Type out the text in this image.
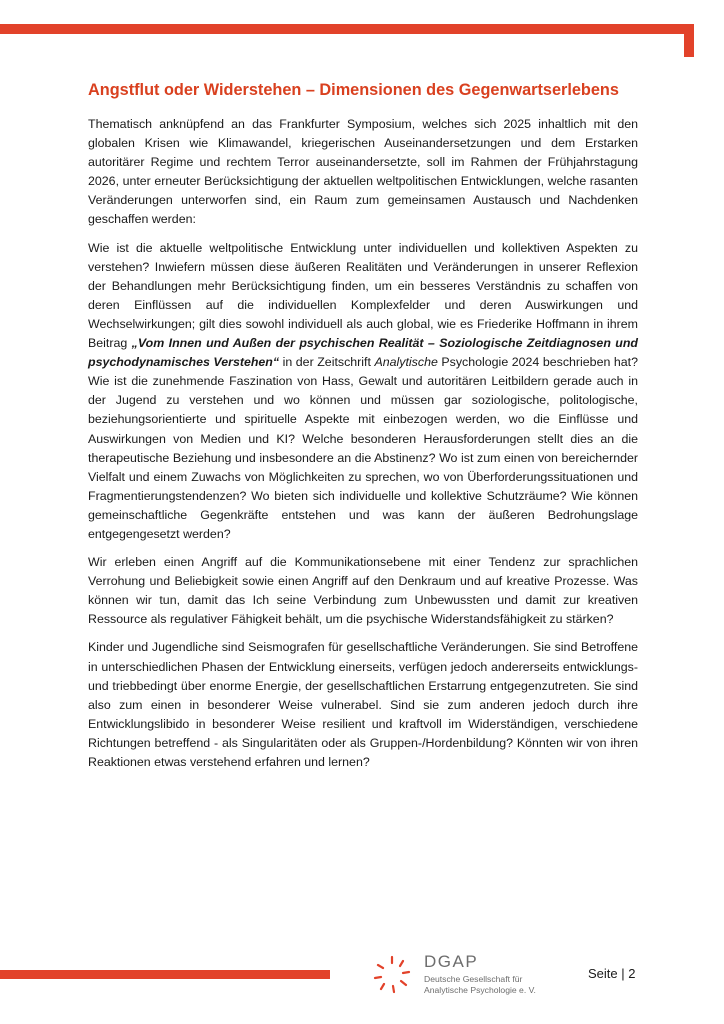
Angstflut oder Widerstehen – Dimensionen des Gegenwartserlebens

Thematisch anknüpfend an das Frankfurter Symposium, welches sich 2025 inhaltlich mit den globalen Krisen wie Klimawandel, kriegerischen Auseinandersetzungen und dem Erstarken autoritärer Regime und rechtem Terror auseinandersetzte, soll im Rahmen der Frühjahrstagung 2026, unter erneuter Berücksichtigung der aktuellen weltpolitischen Entwicklungen, welche rasanten Veränderungen unterworfen sind, ein Raum zum gemeinsamen Austausch und Nachdenken geschaffen werden:

Wie ist die aktuelle weltpolitische Entwicklung unter individuellen und kollektiven Aspekten zu verstehen? Inwiefern müssen diese äußeren Realitäten und Veränderungen in unserer Reflexion der Behandlungen mehr Berücksichtigung finden, um ein besseres Verständnis zu schaffen von deren Einflüssen auf die individuellen Komplexfelder und deren Auswirkungen und Wechselwirkungen; gilt dies sowohl individuell als auch global, wie es Friederike Hoffmann in ihrem Beitrag „Vom Innen und Außen der psychischen Realität – Soziologische Zeitdiagnosen und psychodynamisches Verstehen“ in der Zeitschrift Analytische Psychologie 2024 beschrieben hat? Wie ist die zunehmende Faszination von Hass, Gewalt und autoritären Leitbildern gerade auch in der Jugend zu verstehen und wo können und müssen gar soziologische, politologische, beziehungsorientierte und spirituelle Aspekte mit einbezogen werden, wo die Einflüsse und Auswirkungen von Medien und KI? Welche besonderen Herausforderungen stellt dies an die therapeutische Beziehung und insbesondere an die Abstinenz? Wo ist zum einen von bereichernder Vielfalt und einem Zuwachs von Möglichkeiten zu sprechen, wo von Überforderungssituationen und Fragmentierungstendenzen? Wo bieten sich individuelle und kollektive Schutzräume? Wie können gemeinschaftliche Gegenkräfte entstehen und was kann der äußeren Bedrohungslage entgegengesetzt werden?

Wir erleben einen Angriff auf die Kommunikationsebene mit einer Tendenz zur sprachlichen Verrohung und Beliebigkeit sowie einen Angriff auf den Denkraum und auf kreative Prozesse. Was können wir tun, damit das Ich seine Verbindung zum Unbewussten und damit zur kreativen Ressource als regulativer Fähigkeit behält, um die psychische Widerstandsfähigkeit zu stärken?

Kinder und Jugendliche sind Seismografen für gesellschaftliche Veränderungen. Sie sind Betroffene in unterschiedlichen Phasen der Entwicklung einerseits, verfügen jedoch andererseits entwicklungs- und triebbedingt über enorme Energie, der gesellschaftlichen Erstarrung entgegenzutreten. Sie sind also zum einen in besonderer Weise vulnerabel. Sind sie zum anderen jedoch durch ihre Entwicklungslibido in besonderer Weise resilient und kraftvoll im Widerständigen, verschiedene Richtungen betreffend - als Singularitäten oder als Gruppen-/Hordenbildung? Könnten wir von ihren Reaktionen etwas verstehend erfahren und lernen?

DGAP
Deutsche Gesellschaft für
Analytische Psychologie e. V.
Seite | 2
